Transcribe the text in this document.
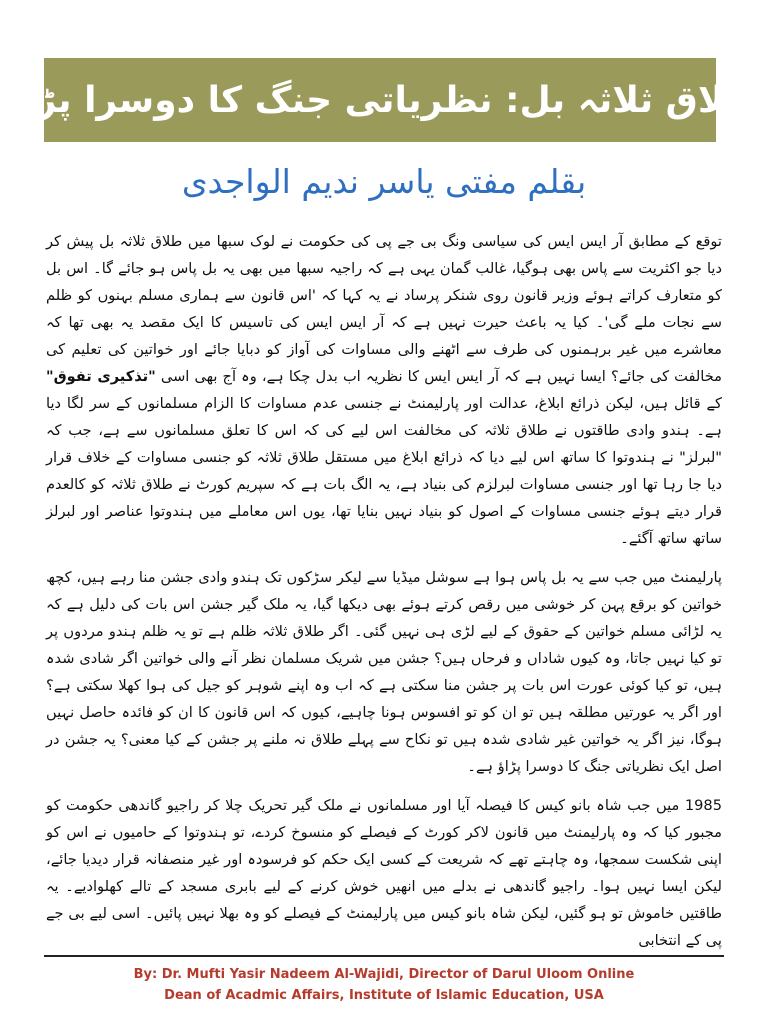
طلاق ثلاثہ بل: نظریاتی جنگ کا دوسرا پڑاؤ
بقلم مفتی یاسر ندیم الواجدی

توقع کے مطابق آر ایس ایس کی سیاسی ونگ بی جے پی کی حکومت نے لوک سبھا میں طلاق ثلاثہ بل پیش کر دیا جو اکثریت سے پاس بھی ہوگیا، غالب گمان یہی ہے کہ راجیہ سبھا میں بھی یہ بل پاس ہو جائے گا۔ اس بل کو متعارف کراتے ہوئے وزیر قانون روی شنکر پرساد نے یہ کہا کہ 'اس قانون سے ہماری مسلم بہنوں کو ظلم سے نجات ملے گی'۔ کیا یہ باعث حیرت نہیں ہے کہ آر ایس ایس کی تاسیس کا ایک مقصد یہ بھی تھا کہ معاشرے میں غیر برہمنوں کی طرف سے اٹھنے والی مساوات کی آواز کو دبایا جائے اور خواتین کی تعلیم کی مخالفت کی جائے؟ ایسا نہیں ہے کہ آر ایس ایس کا نظریہ اب بدل چکا ہے، وہ آج بھی اسی "تذکیری تفوق" کے قائل ہیں، لیکن ذرائع ابلاغ، عدالت اور پارلیمنٹ نے جنسی عدم مساوات کا الزام مسلمانوں کے سر لگا دیا ہے۔ ہندو وادی طاقتوں نے طلاق ثلاثہ کی مخالفت اس لیے کی کہ اس کا تعلق مسلمانوں سے ہے، جب کہ "لبرلز" نے ہندوتوا کا ساتھ اس لیے دیا کہ ذرائع ابلاغ میں مستقل طلاق ثلاثہ کو جنسی مساوات کے خلاف قرار دیا جا رہا تھا اور جنسی مساوات لبرلزم کی بنیاد ہے، یہ الگ بات ہے کہ سپریم کورٹ نے طلاق ثلاثہ کو کالعدم قرار دیتے ہوئے جنسی مساوات کے اصول کو بنیاد نہیں بنایا تھا، یوں اس معاملے میں ہندوتوا عناصر اور لبرلز ساتھ ساتھ آگئے۔

پارلیمنٹ میں جب سے یہ بل پاس ہوا ہے سوشل میڈیا سے لیکر سڑکوں تک ہندو وادی جشن منا رہے ہیں، کچھ خواتین کو برقع پہن کر خوشی میں رقص کرتے ہوئے بھی دیکھا گیا، یہ ملک گیر جشن اس بات کی دلیل ہے کہ یہ لڑائی مسلم خواتین کے حقوق کے لیے لڑی ہی نہیں گئی۔ اگر طلاق ثلاثہ ظلم ہے تو یہ ظلم ہندو مردوں پر تو کیا نہیں جاتا، وہ کیوں شاداں و فرحاں ہیں؟ جشن میں شریک مسلمان نظر آنے والی خواتین اگر شادی شدہ ہیں، تو کیا کوئی عورت اس بات پر جشن منا سکتی ہے کہ اب وہ اپنے شوہر کو جیل کی ہوا کھلا سکتی ہے؟ اور اگر یہ عورتیں مطلقہ ہیں تو ان کو تو افسوس ہونا چاہیے، کیوں کہ اس قانون کا ان کو فائدہ حاصل نہیں ہوگا، نیز اگر یہ خواتین غیر شادی شدہ ہیں تو نکاح سے پہلے طلاق نہ ملنے پر جشن کے کیا معنی؟ یہ جشن در اصل ایک نظریاتی جنگ کا دوسرا پڑاؤ ہے۔

1985 میں جب شاہ بانو کیس کا فیصلہ آیا اور مسلمانوں نے ملک گیر تحریک چلا کر راجیو گاندھی حکومت کو مجبور کیا کہ وہ پارلیمنٹ میں قانون لاکر کورٹ کے فیصلے کو منسوخ کردے، تو ہندوتوا کے حامیوں نے اس کو اپنی شکست سمجھا، وہ چاہتے تھے کہ شریعت کے کسی ایک حکم کو فرسودہ اور غیر منصفانہ قرار دیدیا جائے، لیکن ایسا نہیں ہوا۔ راجیو گاندھی نے بدلے میں انھیں خوش کرنے کے لیے بابری مسجد کے تالے کھلوادیے۔ یہ طاقتیں خاموش تو ہو گئیں، لیکن شاہ بانو کیس میں پارلیمنٹ کے فیصلے کو وہ بھلا نہیں پائیں۔ اسی لیے بی جے پی کے انتخابی

By: Dr. Mufti Yasir Nadeem Al-Wajidi, Director of Darul Uloom Online
Dean of Acadmic Affairs, Institute of Islamic Education, USA
